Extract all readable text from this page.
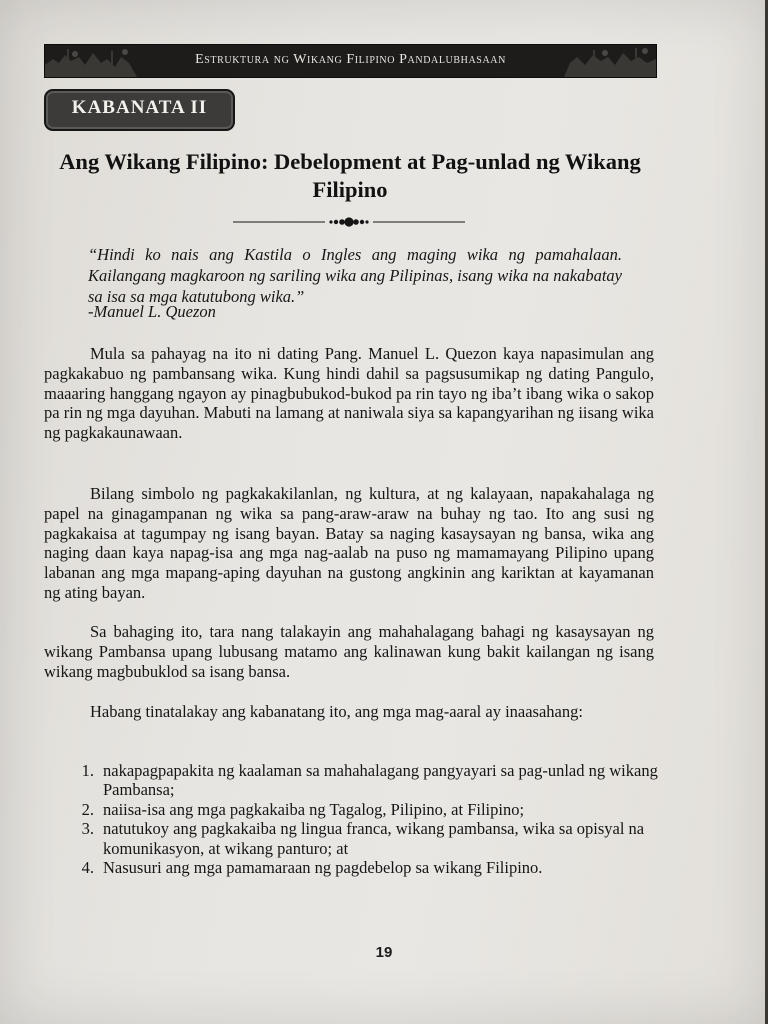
Estruktura ng Wikang Filipino Pandalubhasaan
KABANATA II
Ang Wikang Filipino: Debelopment at Pag-unlad ng Wikang Filipino

“Hindi ko nais ang Kastila o Ingles ang maging wika ng pamahalaan. Kailangang magkaroon ng sariling wika ang Pilipinas, isang wika na nakabatay sa isa sa mga katutubong wika.”

-Manuel L. Quezon

Mula sa pahayag na ito ni dating Pang. Manuel L. Quezon kaya napasimulan ang pagkakabuo ng pambansang wika. Kung hindi dahil sa pagsusumikap ng dating Pangulo, maaaring hanggang ngayon ay pinagbubukod-bukod pa rin tayo ng iba’t ibang wika o sakop pa rin ng mga dayuhan. Mabuti na lamang at naniwala siya sa kapangyarihan ng iisang wika ng pagkakaunawaan.

Bilang simbolo ng pagkakakilanlan, ng kultura, at ng kalayaan, napakahalaga ng papel na ginagampanan ng wika sa pang-araw-araw na buhay ng tao. Ito ang susi ng pagkakaisa at tagumpay ng isang bayan. Batay sa naging kasaysayan ng bansa, wika ang naging daan kaya napag-isa ang mga nag-aalab na puso ng mamamayang Pilipino upang labanan ang mga mapang-aping dayuhan na gustong angkinin ang kariktan at kayamanan ng ating bayan.

Sa bahaging ito, tara nang talakayin ang mahahalagang bahagi ng kasaysayan ng wikang Pambansa upang lubusang matamo ang kalinawan kung bakit kailangan ng isang wikang magbubuklod sa isang bansa.

Habang tinatalakay ang kabanatang ito, ang mga mag-aaral ay inaasahang:

1. nakapagpapakita ng kaalaman sa mahahalagang pangyayari sa pag-unlad ng wikang Pambansa;
2. naiisa-isa ang mga pagkakaiba ng Tagalog, Pilipino, at Filipino;
3. natutukoy ang pagkakaiba ng lingua franca, wikang pambansa, wika sa opisyal na komunikasyon, at wikang panturo; at
4. Nasusuri ang mga pamamaraan ng pagdebelop sa wikang Filipino.
19
